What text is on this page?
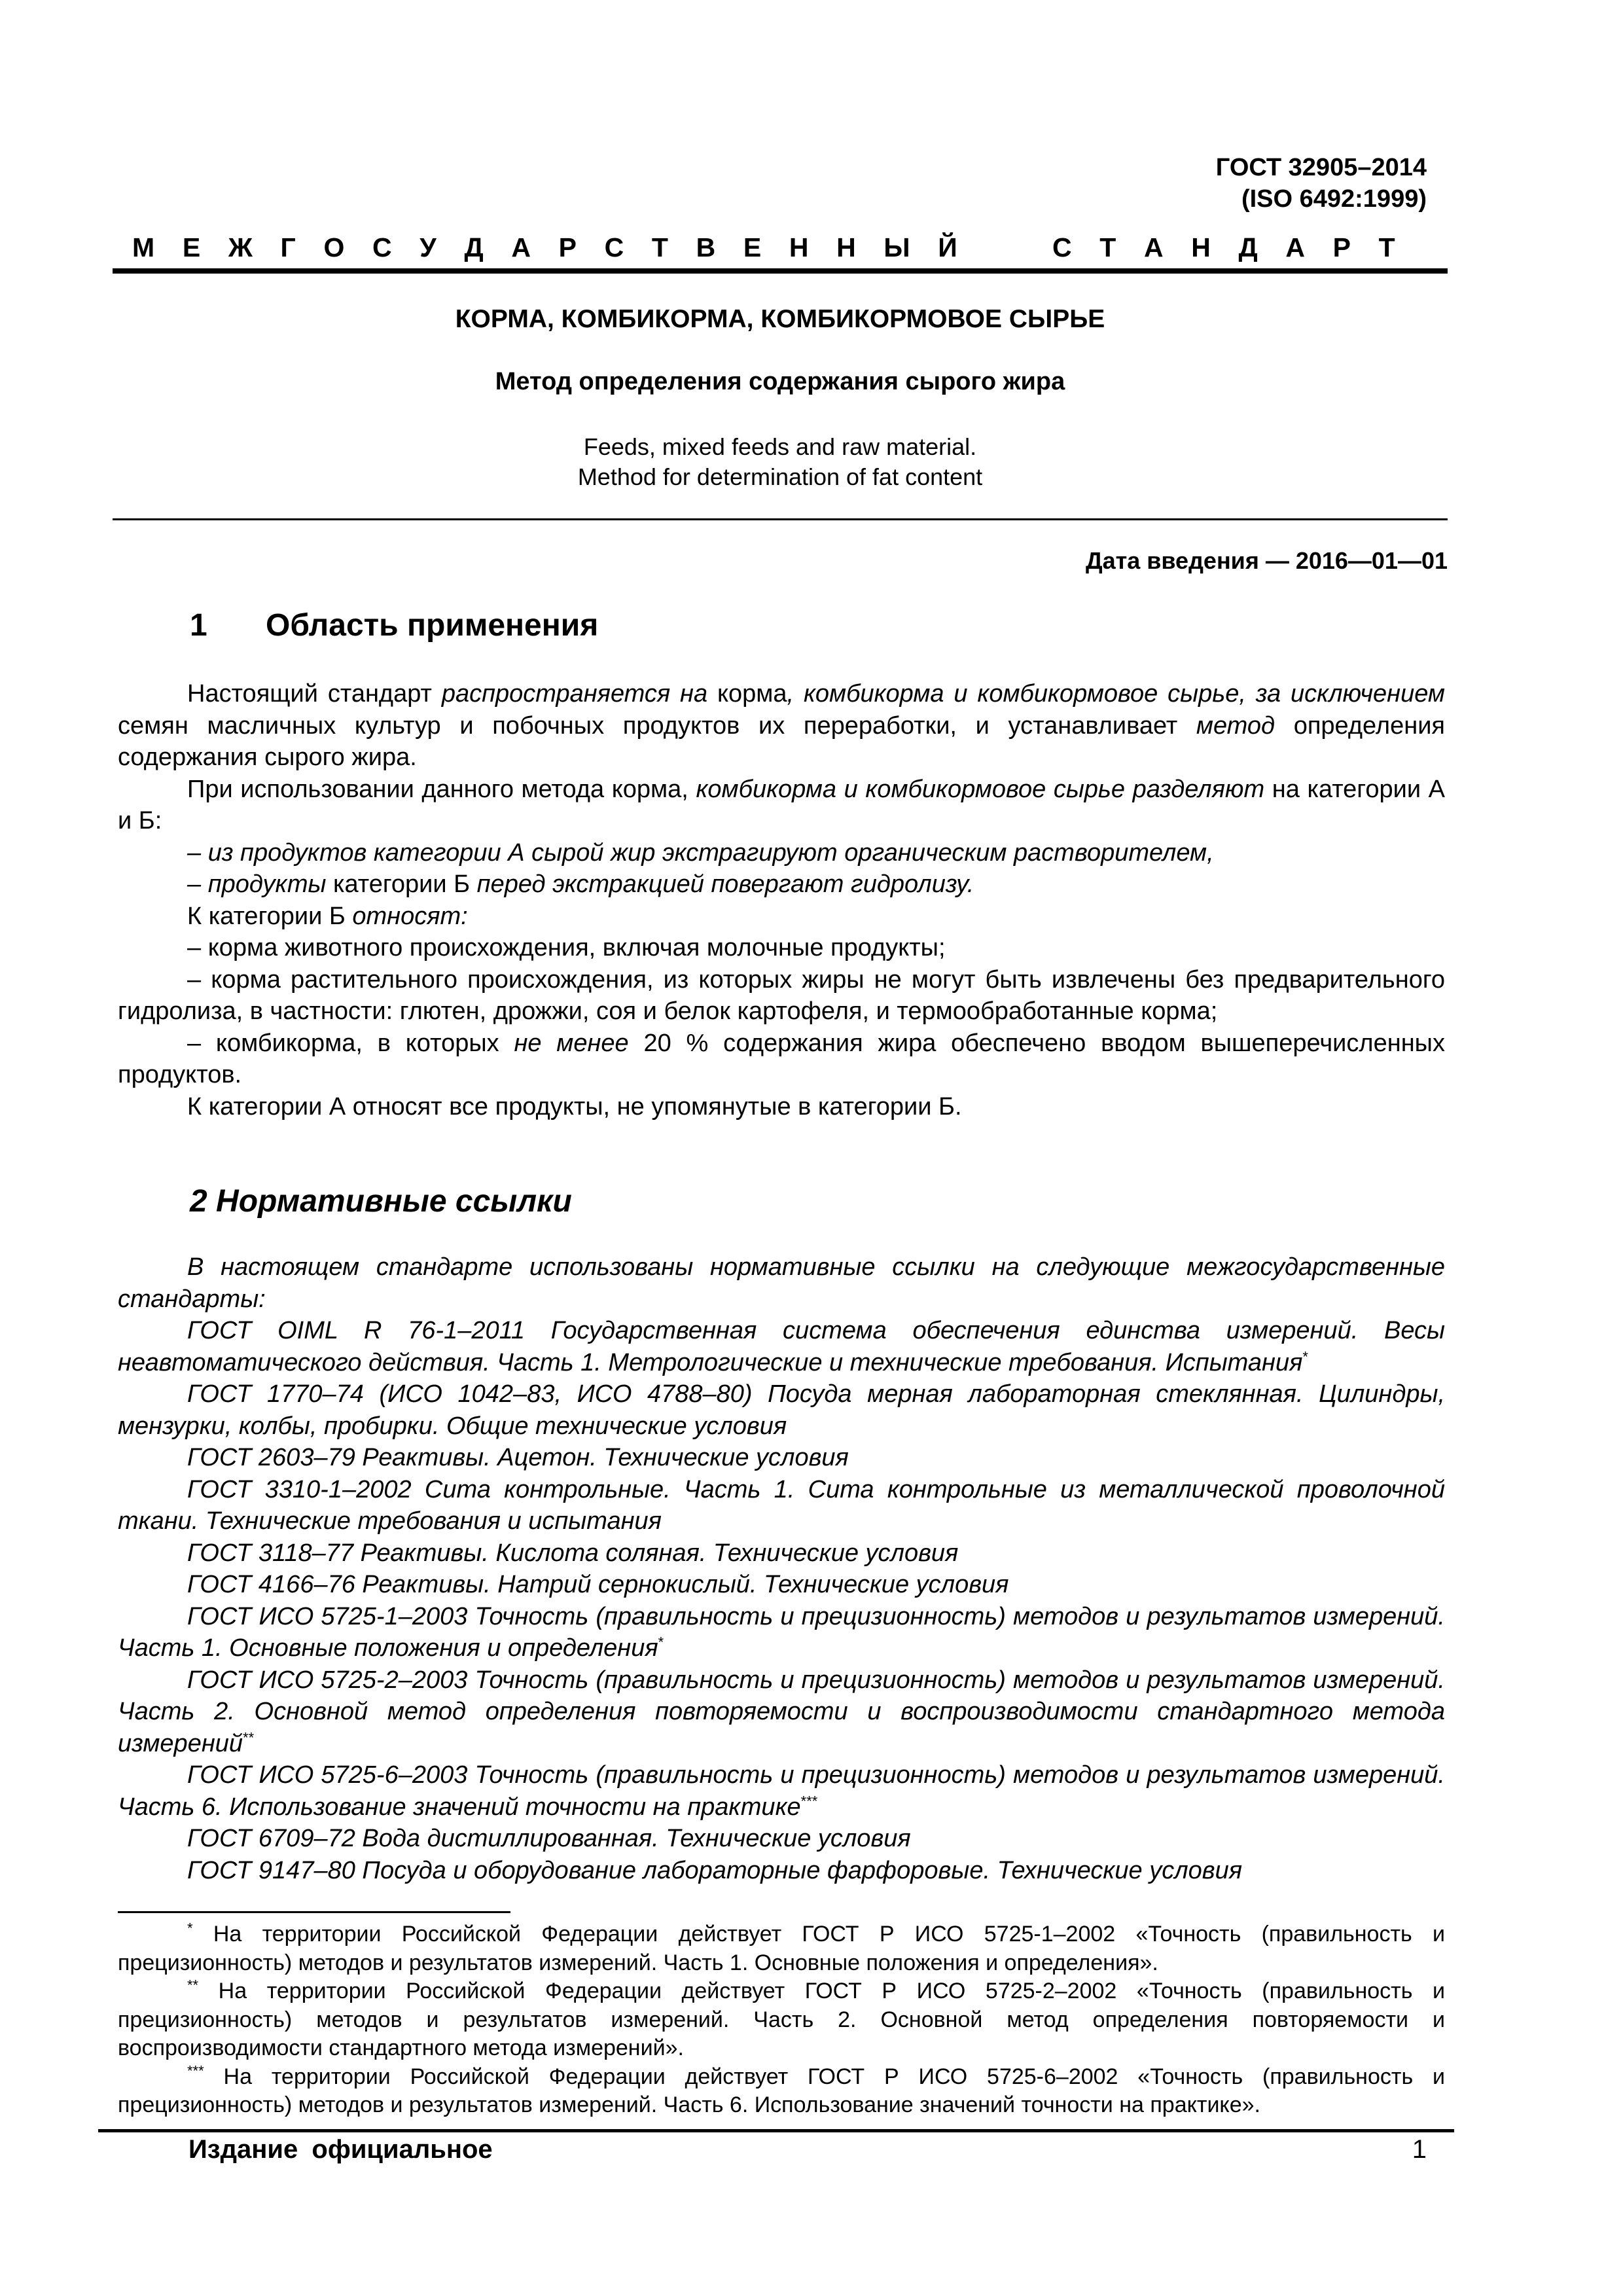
ГОСТ 32905–2014
(ISO 6492:1999)
М Е Ж Г О С У Д А Р С Т В Е Н Н Ы Й	С Т А Н Д А Р Т
КОРМА, КОМБИКОРМА, КОМБИКОРМОВОЕ СЫРЬЕ
Метод определения содержания сырого жира
Feeds, mixed feeds and raw material.
Method for determination of fat content
Дата введения — 2016—01—01
1 Область применения

Настоящий стандарт распространяется на корма, комбикорма и комбикормовое сырье, за исключением семян масличных культур и побочных продуктов их переработки, и устанавливает метод определения содержания сырого жира.

При использовании данного метода корма, комбикорма и комбикормовое сырье разделяют на категории А и Б:

– из продуктов категории А сырой жир экстрагируют органическим растворителем,

– продукты категории Б перед экстракцией повергают гидролизу.

К категории Б относят:

– корма животного происхождения, включая молочные продукты;

– корма растительного происхождения, из которых жиры не могут быть извлечены без предварительного гидролиза, в частности: глютен, дрожжи, соя и белок картофеля, и термообработанные корма;

– комбикорма, в которых не менее 20 % содержания жира обеспечено вводом вышеперечисленных продуктов.

К категории А относят все продукты, не упомянутые в категории Б.

2 Нормативные ссылки

В настоящем стандарте использованы нормативные ссылки на следующие межгосударственные стандарты:

ГОСТ OIML R 76-1–2011 Государственная система обеспечения единства измерений. Весы неавтоматического действия. Часть 1. Метрологические и технические требования. Испытания*

ГОСТ 1770–74 (ИСО 1042–83, ИСО 4788–80) Посуда мерная лабораторная стеклянная. Цилиндры, мензурки, колбы, пробирки. Общие технические условия

ГОСТ 2603–79 Реактивы. Ацетон. Технические условия

ГОСТ 3310-1–2002 Сита контрольные. Часть 1. Сита контрольные из металлической проволочной ткани. Технические требования и испытания

ГОСТ 3118–77 Реактивы. Кислота соляная. Технические условия

ГОСТ 4166–76 Реактивы. Натрий сернокислый. Технические условия

ГОСТ ИСО 5725-1–2003 Точность (правильность и прецизионность) методов и результатов измерений. Часть 1. Основные положения и определения*

ГОСТ ИСО 5725-2–2003 Точность (правильность и прецизионность) методов и результатов измерений. Часть 2. Основной метод определения повторяемости и воспроизводимости стандартного метода измерений**

ГОСТ ИСО 5725-6–2003 Точность (правильность и прецизионность) методов и результатов измерений. Часть 6. Использование значений точности на практике***

ГОСТ 6709–72 Вода дистиллированная. Технические условия

ГОСТ 9147–80 Посуда и оборудование лабораторные фарфоровые. Технические условия

* На территории Российской Федерации действует ГОСТ Р ИСО 5725-1–2002 «Точность (правильность и прецизионность) методов и результатов измерений. Часть 1. Основные положения и определения».

** На территории Российской Федерации действует ГОСТ Р ИСО 5725-2–2002 «Точность (правильность и прецизионность) методов и результатов измерений. Часть 2. Основной метод определения повторяемости и воспроизводимости стандартного метода измерений».

*** На территории Российской Федерации действует ГОСТ Р ИСО 5725-6–2002 «Точность (правильность и прецизионность) методов и результатов измерений. Часть 6. Использование значений точности на практике».

Издание официальное	1
